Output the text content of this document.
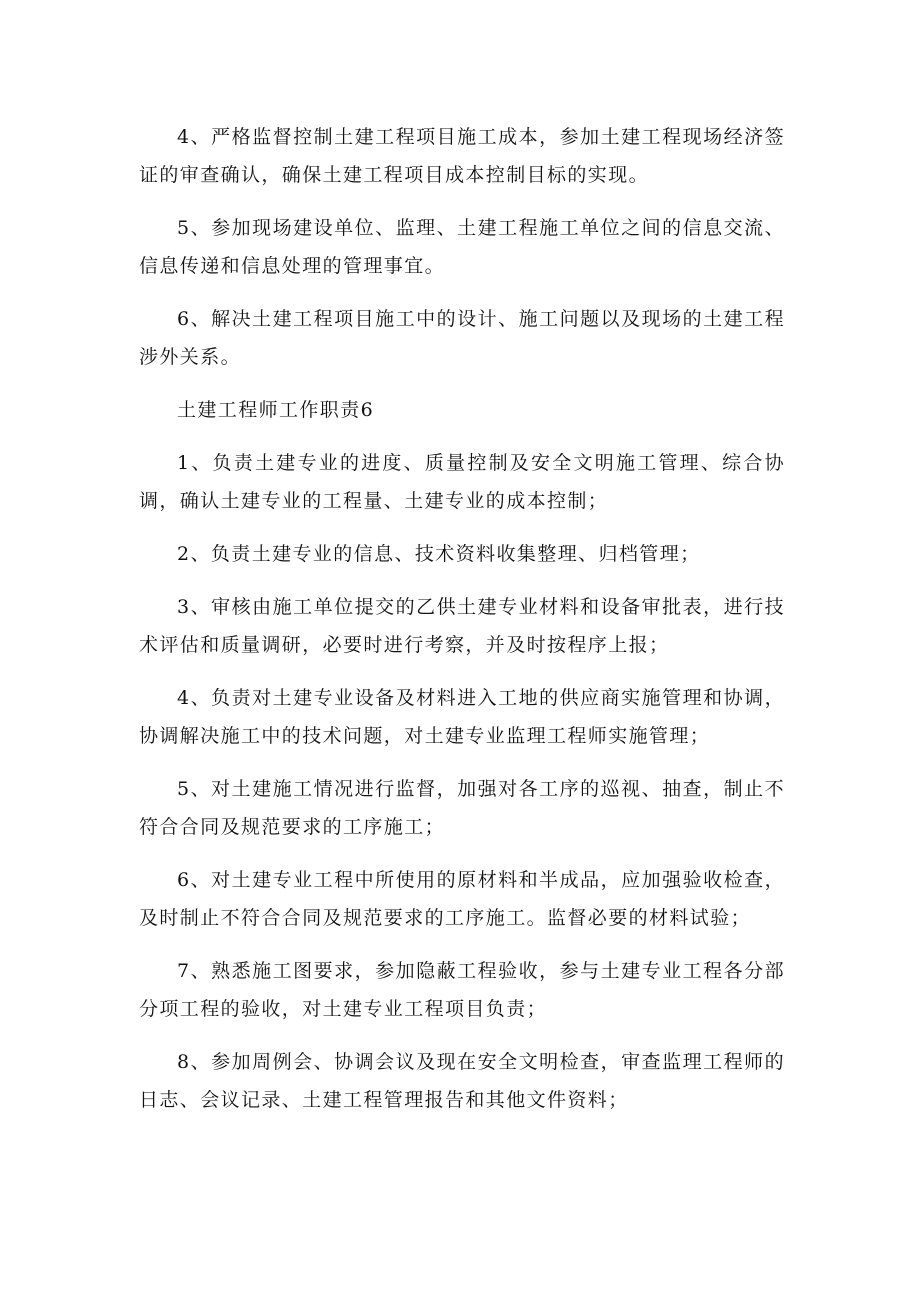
4、严格监督控制土建工程项目施工成本，参加土建工程现场经济签证的审查确认，确保土建工程项目成本控制目标的实现。

5、参加现场建设单位、监理、土建工程施工单位之间的信息交流、信息传递和信息处理的管理事宜。

6、解决土建工程项目施工中的设计、施工问题以及现场的土建工程涉外关系。

土建工程师工作职责6

1、负责土建专业的进度、质量控制及安全文明施工管理、综合协调，确认土建专业的工程量、土建专业的成本控制；

2、负责土建专业的信息、技术资料收集整理、归档管理；

3、审核由施工单位提交的乙供土建专业材料和设备审批表，进行技术评估和质量调研，必要时进行考察，并及时按程序上报；

4、负责对土建专业设备及材料进入工地的供应商实施管理和协调，协调解决施工中的技术问题，对土建专业监理工程师实施管理；

5、对土建施工情况进行监督，加强对各工序的巡视、抽查，制止不符合合同及规范要求的工序施工；

6、对土建专业工程中所使用的原材料和半成品，应加强验收检查，及时制止不符合合同及规范要求的工序施工。监督必要的材料试验；

7、熟悉施工图要求，参加隐蔽工程验收，参与土建专业工程各分部分项工程的验收，对土建专业工程项目负责；

8、参加周例会、协调会议及现在安全文明检查，审查监理工程师的日志、会议记录、土建工程管理报告和其他文件资料；
